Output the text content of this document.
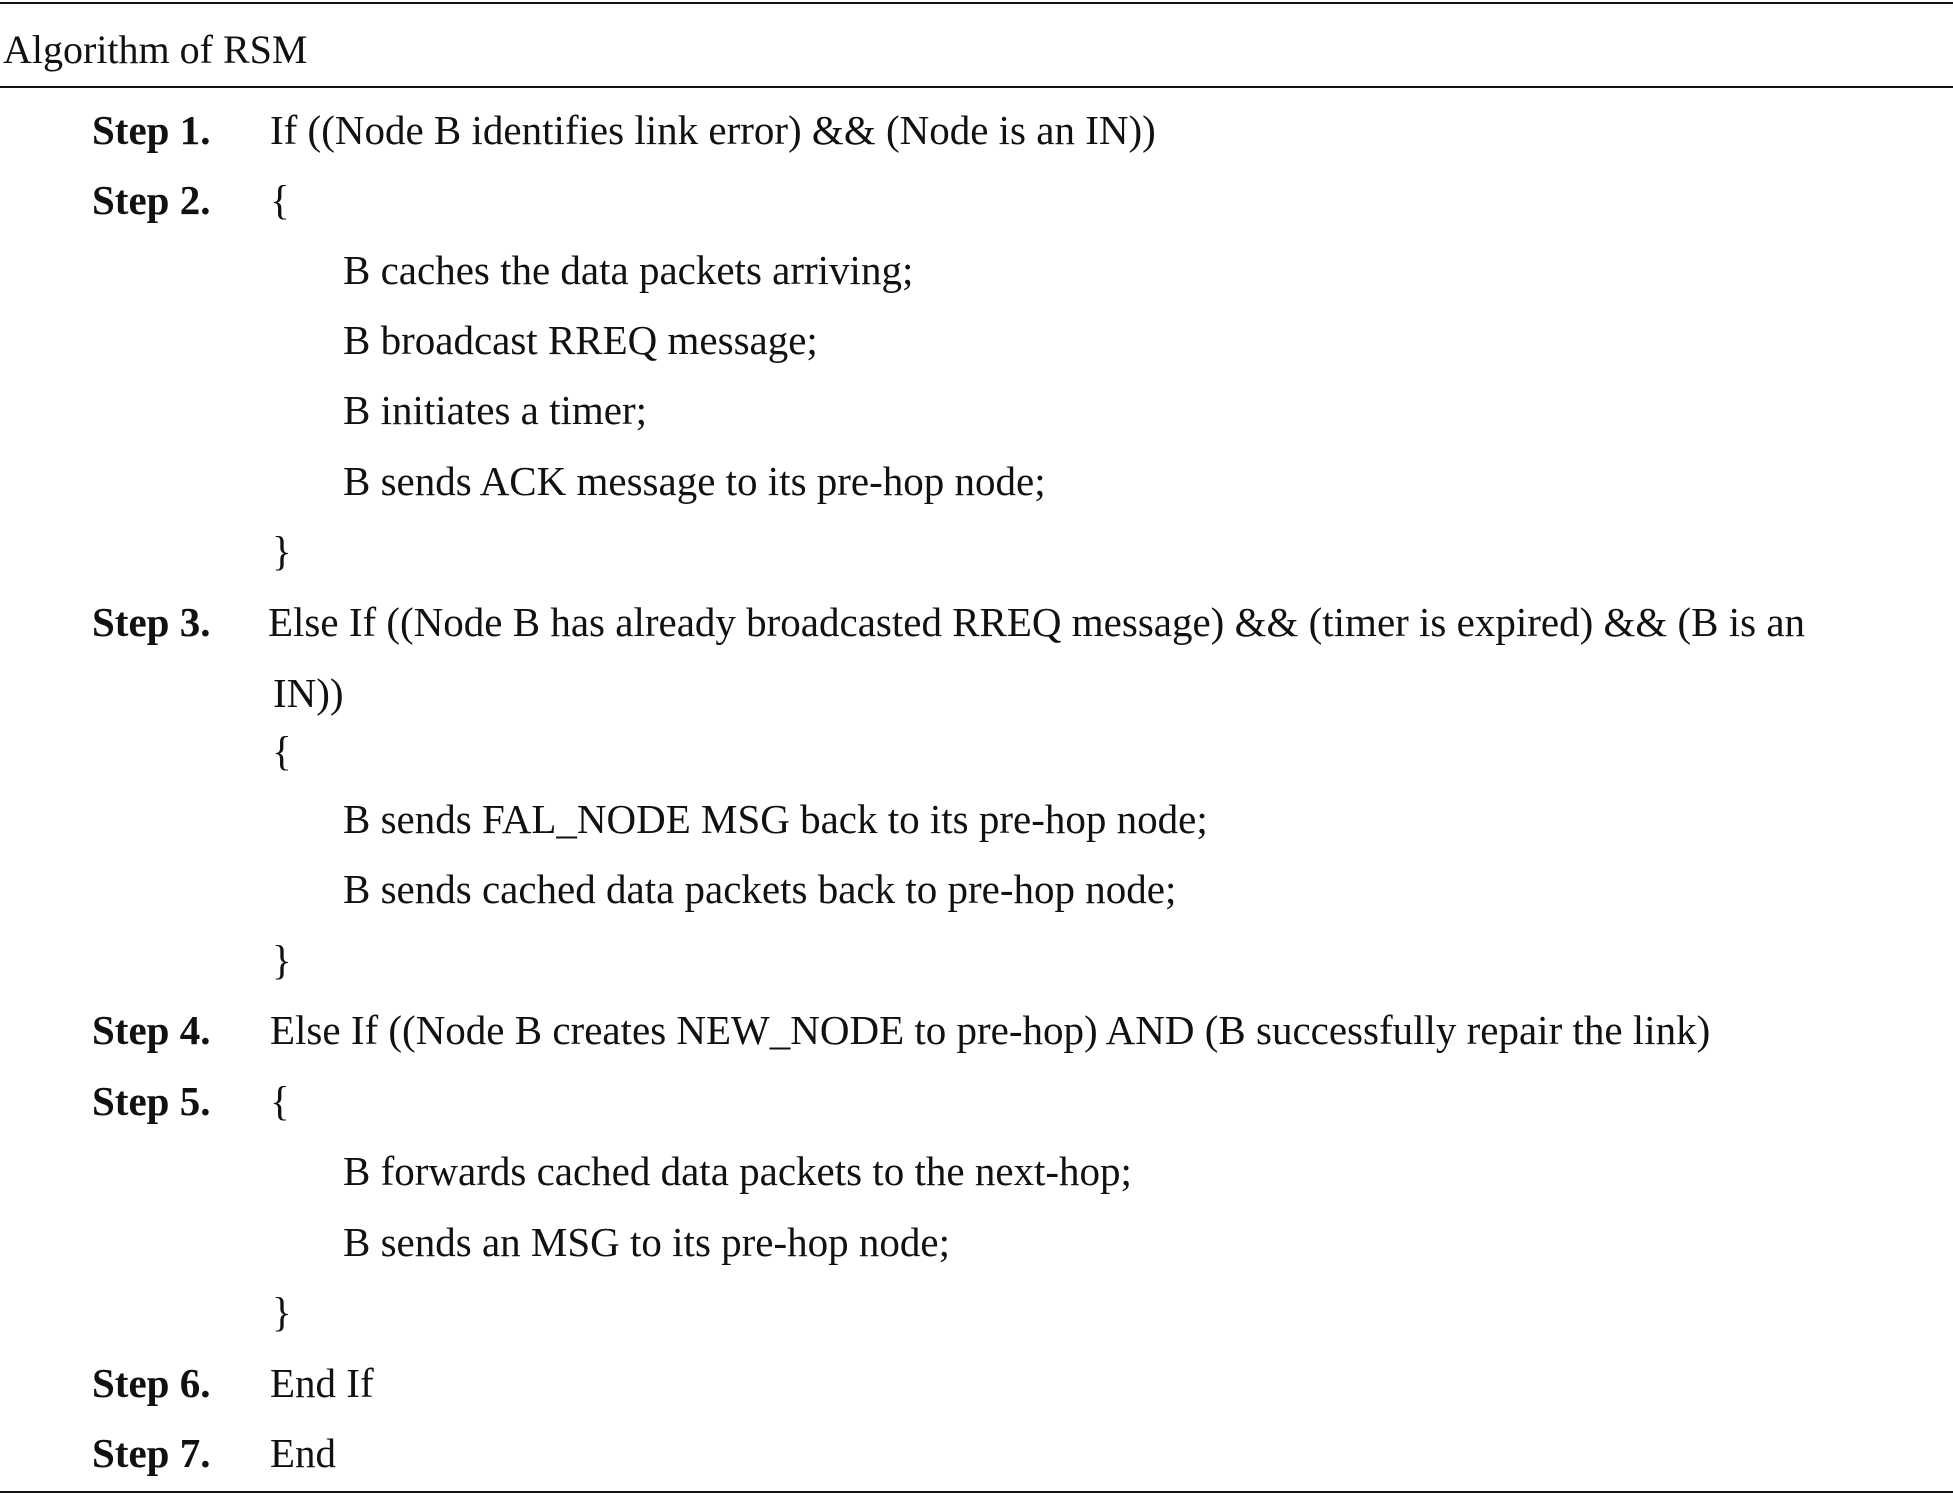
Algorithm of RSM
Step 1. If ((Node B identifies link error) && (Node is an IN))
Step 2. {
B caches the data packets arriving;
B broadcast RREQ message;
B initiates a timer;
B sends ACK message to its pre-hop node;
}
Step 3. Else If ((Node B has already broadcasted RREQ message) && (timer is expired) && (B is an
IN))
{
B sends FAL_NODE MSG back to its pre-hop node;
B sends cached data packets back to pre-hop node;
}
Step 4. Else If ((Node B creates NEW_NODE to pre-hop) AND (B successfully repair the link)
Step 5. {
B forwards cached data packets to the next-hop;
B sends an MSG to its pre-hop node;
}
Step 6. End If
Step 7. End
